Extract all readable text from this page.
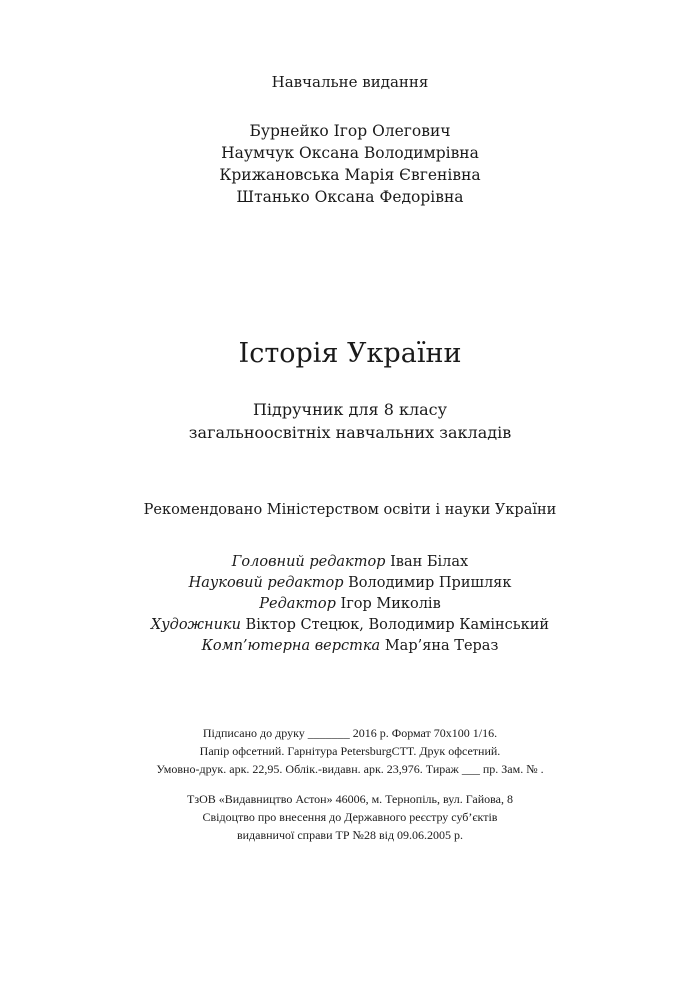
Навчальне видання
Бурнейко Ігор Олегович
Наумчук Оксана Володимрівна
Крижановська Марія Євгенівна
Штанько Оксана Федорівна
Історія України
Підручник для 8 класу
загальноосвітніх навчальних закладів
Рекомендовано Міністерством освіти і науки України
Головний редактор Іван Білах
Науковий редактор Володимир Пришляк
Редактор Ігор Миколів
Художники Віктор Стецюк, Володимир Камінський
Комп’ютерна верстка Мар’яна Тераз
Підписано до друку _______ 2016 р. Формат 70х100 1/16.
Папір офсетний. Гарнітура PetersburgCTT. Друк офсетний.
Умовно-друк. арк. 22,95. Облік.-видавн. арк. 23,976. Тираж ___ пр. Зам. № .
ТзОВ «Видавництво Астон» 46006, м. Тернопіль, вул. Гайова, 8
Свідоцтво про внесення до Державного реєстру суб’єктів
видавничої справи ТР №28 від 09.06.2005 р.
